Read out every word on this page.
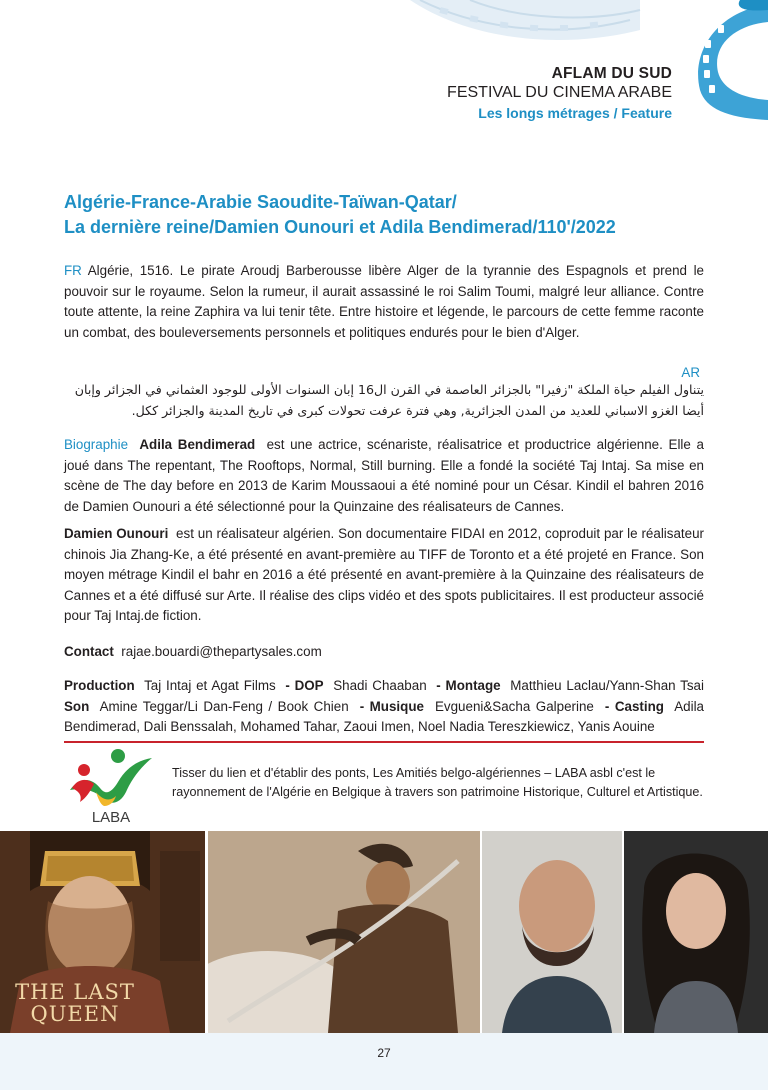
AFLAM DU SUD
FESTIVAL DU CINEMA ARABE
Les longs métrages / Feature
Algérie-France-Arabie Saoudite-Taïwan-Qatar/
La dernière reine/Damien Ounouri et Adila Bendimerad/110'/2022
FR Algérie, 1516. Le pirate Aroudj Barberousse libère Alger de la tyrannie des Espagnols et prend le pouvoir sur le royaume. Selon la rumeur, il aurait assassiné le roi Salim Toumi, malgré leur alliance. Contre toute attente, la reine Zaphira va lui tenir tête. Entre histoire et légende, le parcours de cette femme raconte un combat, des bouleversements personnels et politiques endurés pour le bien d'Alger.
AR
يتناول الفيلم حياة الملكة "زفيرا" بالجزائر العاصمة في القرن ال16 إبان السنوات الأولى للوجود العثماني في الجزائر وإبان أيضا الغزو الاسباني للعديد من المدن الجزائرية, وهي فترة عرفت تحولات كبرى في تاريخ المدينة والجزائر ككل.
Biographie Adila Bendimerad est une actrice, scénariste, réalisatrice et productrice algérienne. Elle a joué dans The repentant, The Rooftops, Normal, Still burning. Elle a fondé la société Taj Intaj. Sa mise en scène de The day before en 2013 de Karim Moussaoui a été nominé pour un César. Kindil el bahren 2016 de Damien Ounouri a été sélectionné pour la Quinzaine des réalisateurs de Cannes.
Damien Ounouri est un réalisateur algérien. Son documentaire FIDAI en 2012, coproduit par le réalisateur chinois Jia Zhang-Ke, a été présenté en avant-première au TIFF de Toronto et a été projeté en France. Son moyen métrage Kindil el bahr en 2016 a été présenté en avant-première à la Quinzaine des réalisateurs de Cannes et a été diffusé sur Arte. Il réalise des clips vidéo et des spots publicitaires. Il est producteur associé pour Taj Intaj.de fiction.
Contact rajae.bouardi@thepartysales.com
Production Taj Intaj et Agat Films - DOP Shadi Chaaban - Montage Matthieu Laclau/Yann-Shan Tsai Son Amine Teggar/Li Dan-Feng / Book Chien - Musique Evgueni&Sacha Galperine - Casting Adila Bendimerad, Dali Benssalah, Mohamed Tahar, Zaoui Imen, Noel Nadia Tereszkiewicz, Yanis Aouine
LABA
Tisser du lien et d'établir des ponts, Les Amitiés belgo-algériennes – LABA asbl c'est le rayonnement de l'Algérie en Belgique à travers son patrimoine Historique, Culturel et Artistique.
THE LAST
QUEEN
27
